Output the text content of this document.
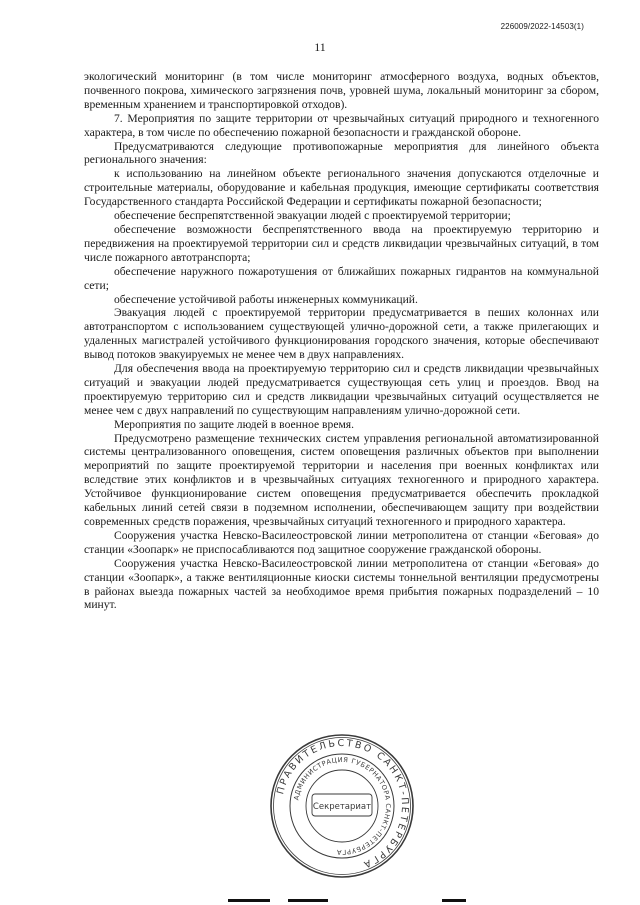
226009/2022-14503(1)
11

экологический мониторинг (в том числе мониторинг атмосферного воздуха, водных объектов, почвенного покрова, химического загрязнения почв, уровней шума, локальный мониторинг за сбором, временным хранением и транспортировкой отходов).

7. Мероприятия по защите территории от чрезвычайных ситуаций природного и техногенного характера, в том числе по обеспечению пожарной безопасности и гражданской обороне.

Предусматриваются следующие противопожарные мероприятия для линейного объекта регионального значения:

к использованию на линейном объекте регионального значения допускаются отделочные и строительные материалы, оборудование и кабельная продукция, имеющие сертификаты соответствия Государственного стандарта Российской Федерации и сертификаты пожарной безопасности;

обеспечение беспрепятственной эвакуации людей с проектируемой территории;

обеспечение возможности беспрепятственного ввода на проектируемую территорию и передвижения на проектируемой территории сил и средств ликвидации чрезвычайных ситуаций, в том числе пожарного автотранспорта;

обеспечение наружного пожаротушения от ближайших пожарных гидрантов на коммунальной сети;

обеспечение устойчивой работы инженерных коммуникаций.

Эвакуация людей с проектируемой территории предусматривается в пеших колоннах или автотранспортом с использованием существующей улично-дорожной сети, а также прилегающих и удаленных магистралей устойчивого функционирования городского значения, которые обеспечивают вывод потоков эвакуируемых не менее чем в двух направлениях.

Для обеспечения ввода на проектируемую территорию сил и средств ликвидации чрезвычайных ситуаций и эвакуации людей предусматривается существующая сеть улиц и проездов. Ввод на проектируемую территорию сил и средств ликвидации чрезвычайных ситуаций осуществляется не менее чем с двух направлений по существующим направлениям улично-дорожной сети.

Мероприятия по защите людей в военное время.

Предусмотрено размещение технических систем управления региональной автоматизированной системы централизованного оповещения, систем оповещения различных объектов при выполнении мероприятий по защите проектируемой территории и населения при военных конфликтах или вследствие этих конфликтов и в чрезвычайных ситуациях техногенного и природного характера. Устойчивое функционирование систем оповещения предусматривается обеспечить прокладкой кабельных линий сетей связи в подземном исполнении, обеспечивающем защиту при воздействии современных средств поражения, чрезвычайных ситуаций техногенного и природного характера.

Сооружения участка Невско-Василеостровской линии метрополитена от станции «Беговая» до станции «Зоопарк» не приспосабливаются под защитное сооружение гражданской обороны.

Сооружения участка Невско-Василеостровской линии метрополитена от станции «Беговая» до станции «Зоопарк», а также вентиляционные киоски системы тоннельной вентиляции предусмотрены в районах выезда пожарных частей за необходимое время прибытия пожарных подразделений – 10 минут.

ПРАВИТЕЛЬСТВО САНКТ-ПЕТЕРБУРГА
АДМИНИСТРАЦИЯ ГУБЕРНАТОРА САНКТ-ПЕТЕРБУРГА
Секретариат
